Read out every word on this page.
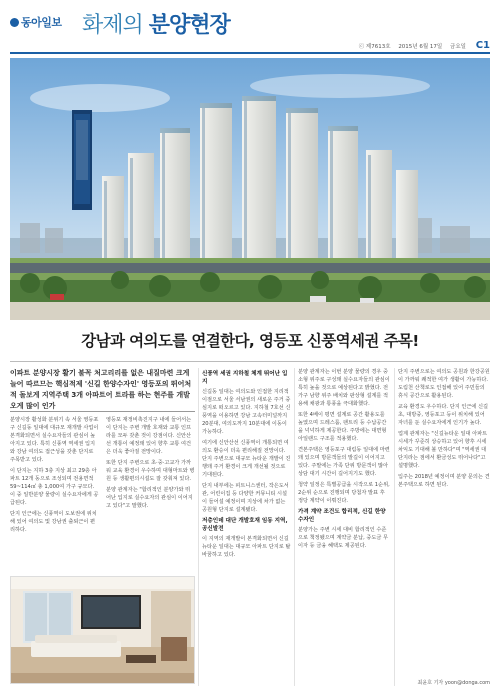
동아일보 화제의 분양현장
ⓒ 제7613호 2015년 6월 17일 금요일 C1
강남과 여의도를 연결한다, 영등포 신풍역세권 주목!
이파트 분양시장 활기 불꼭 처고리리를 없은 내질마련 크게 늘어 따르므는 핵심적제 '신길 한양수자인' 영등포의 뛰어처적 돌보게 지역주택 3개 아파트어 트라를 하는 현주를 개발오게 많이 인가

분양시장 활성화 분위기 속 서울 영등포구 신길동 일대에 대규모 재개발 사업이 본격화되면서 실수요자들의 관심이 높아지고 있다. 특히 신풍역 역세권 입지와 강남 여의도 접근성을 갖춘 단지로 주목받고 있다.

이 단지는 지하 3층 지상 최고 29층 아파트 12개 동으로 조성되며 전용면적 59~114㎡ 총 1,000여 가구 규모다. 이 중 일반분양 물량이 실수요자에게 공급된다.

단지 인근에는 신풍역이 도보권에 위치해 있어 여의도 및 강남권 출퇴근이 편리하다.

영등포 재정비촉진지구 내에 들어서는 이 단지는 주변 개발 호재와 교통 인프라를 모두 갖춘 것이 강점이다. 신안산선 개통이 예정돼 있어 향후 교통 여건은 더욱 좋아질 전망이다.

또한 단지 주변으로 초·중·고교가 가까워 교육 환경이 우수하며 대형마트와 병원 등 생활편의시설도 잘 갖춰져 있다.

분양 관계자는 "합리적인 분양가와 뛰어난 입지로 실수요자의 관심이 이어지고 있다"고 말했다.

신풍역 세권 지하철 체계 뛰어난 입지

신길동 일대는 여의도와 인접한 지리적 이점으로 서울 서남권의 새로운 주거 중심지로 떠오르고 있다. 지하철 7호선 신풍역을 이용하면 강남 고속터미널까지 20분대, 여의도까지 10분대에 이동이 가능하다.

여기에 신안산선 신풍역이 개통되면 여의도 환승이 더욱 편리해질 전망이다. 단지 주변으로 대규모 뉴타운 개발이 진행돼 주거 환경이 크게 개선될 것으로 기대된다.

단지 내부에는 피트니스센터, 작은도서관, 어린이집 등 다양한 커뮤니티 시설이 들어설 예정이며 지상에 차가 없는 공원형 단지로 설계됐다.

저층인데 대단 개발호재 임동 지역, 공신발전

이 지역의 재개발이 본격화되면서 신길뉴타운 일대는 대규모 아파트 단지로 탈바꿈하고 있다.

분양 관계자는 이번 분양 물량의 경우 중소형 위주로 구성돼 실수요자들의 관심이 특히 높을 것으로 예상된다고 밝혔다. 전 가구 남향 위주 배치와 판상형 설계를 적용해 채광과 통풍을 극대화했다.

또한 4베이 평면 설계로 공간 활용도를 높였으며 드레스룸, 팬트리 등 수납공간을 넉넉하게 제공한다. 주방에는 대면형 아일랜드 구조를 적용했다.

견본주택은 영등포구 대림동 일대에 마련돼 있으며 방문객들의 발길이 이어지고 있다. 주말에는 가족 단위 방문객이 많아 상담 대기 시간이 길어지기도 했다.

청약 일정은 특별공급을 시작으로 1순위, 2순위 순으로 진행되며 당첨자 발표 후 정당 계약이 이뤄진다.

가격 계약 조건도 합리적, 신길 한양수자인

분양가는 주변 시세 대비 합리적인 수준으로 책정됐으며 계약금 분납, 중도금 무이자 등 금융 혜택도 제공된다.

단지 주변으로는 여의도 공원과 한강공원이 가까워 쾌적한 여가 생활이 가능하다. 도림천 산책로도 인접해 있어 주민들의 휴식 공간으로 활용된다.

교육 환경도 우수하다. 단지 인근에 신길초, 대방중, 영등포고 등이 위치해 있어 자녀를 둔 실수요자에게 인기가 높다.

업계 관계자는 "신길뉴타운 일대 아파트 시세가 꾸준히 상승하고 있어 향후 시세 차익도 기대해 볼 만하다"며 "역세권 대단지라는 점에서 환금성도 뛰어나다"고 설명했다.

입주는 2018년 예정이며 분양 문의는 견본주택으로 하면 된다.

최윤호 기자 yoon@donga.com
